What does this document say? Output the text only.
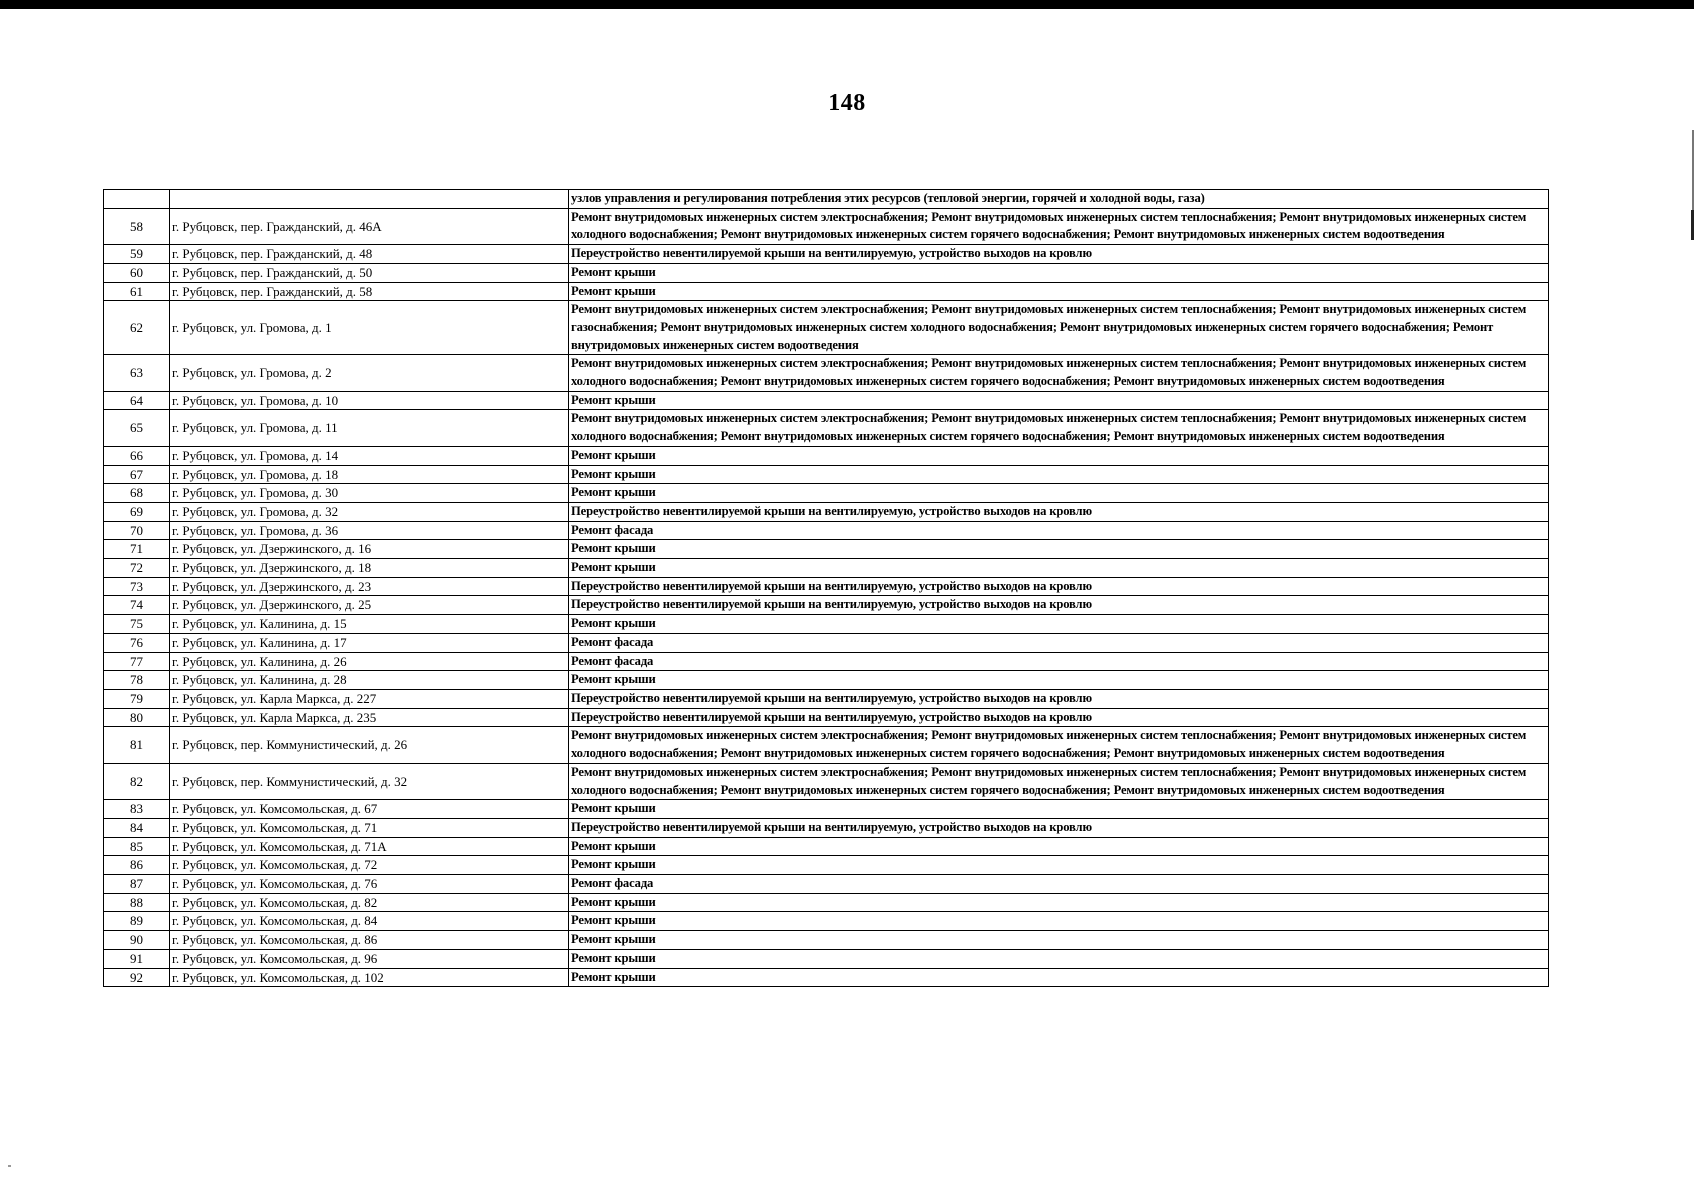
148
		узлов управления и регулирования потребления этих ресурсов (тепловой энергии, горячей и холодной воды, газа)
58	г. Рубцовск, пер. Гражданский, д. 46А	Ремонт внутридомовых инженерных систем электроснабжения; Ремонт внутридомовых инженерных систем теплоснабжения; Ремонт внутридомовых инженерных систем холодного водоснабжения; Ремонт внутридомовых инженерных систем горячего водоснабжения; Ремонт внутридомовых инженерных систем водоотведения
59	г. Рубцовск, пер. Гражданский, д. 48	Переустройство невентилируемой крыши на вентилируемую, устройство выходов на кровлю
60	г. Рубцовск, пер. Гражданский, д. 50	Ремонт крыши
61	г. Рубцовск, пер. Гражданский, д. 58	Ремонт крыши
62	г. Рубцовск, ул. Громова, д. 1	Ремонт внутридомовых инженерных систем электроснабжения; Ремонт внутридомовых инженерных систем теплоснабжения; Ремонт внутридомовых инженерных систем газоснабжения; Ремонт внутридомовых инженерных систем холодного водоснабжения; Ремонт внутридомовых инженерных систем горячего водоснабжения; Ремонт внутридомовых инженерных систем водоотведения
63	г. Рубцовск, ул. Громова, д. 2	Ремонт внутридомовых инженерных систем электроснабжения; Ремонт внутридомовых инженерных систем теплоснабжения; Ремонт внутридомовых инженерных систем холодного водоснабжения; Ремонт внутридомовых инженерных систем горячего водоснабжения; Ремонт внутридомовых инженерных систем водоотведения
64	г. Рубцовск, ул. Громова, д. 10	Ремонт крыши
65	г. Рубцовск, ул. Громова, д. 11	Ремонт внутридомовых инженерных систем электроснабжения; Ремонт внутридомовых инженерных систем теплоснабжения; Ремонт внутридомовых инженерных систем холодного водоснабжения; Ремонт внутридомовых инженерных систем горячего водоснабжения; Ремонт внутридомовых инженерных систем водоотведения
66	г. Рубцовск, ул. Громова, д. 14	Ремонт крыши
67	г. Рубцовск, ул. Громова, д. 18	Ремонт крыши
68	г. Рубцовск, ул. Громова, д. 30	Ремонт крыши
69	г. Рубцовск, ул. Громова, д. 32	Переустройство невентилируемой крыши на вентилируемую, устройство выходов на кровлю
70	г. Рубцовск, ул. Громова, д. 36	Ремонт фасада
71	г. Рубцовск, ул. Дзержинского, д. 16	Ремонт крыши
72	г. Рубцовск, ул. Дзержинского, д. 18	Ремонт крыши
73	г. Рубцовск, ул. Дзержинского, д. 23	Переустройство невентилируемой крыши на вентилируемую, устройство выходов на кровлю
74	г. Рубцовск, ул. Дзержинского, д. 25	Переустройство невентилируемой крыши на вентилируемую, устройство выходов на кровлю
75	г. Рубцовск, ул. Калинина, д. 15	Ремонт крыши
76	г. Рубцовск, ул. Калинина, д. 17	Ремонт фасада
77	г. Рубцовск, ул. Калинина, д. 26	Ремонт фасада
78	г. Рубцовск, ул. Калинина, д. 28	Ремонт крыши
79	г. Рубцовск, ул. Карла Маркса, д. 227	Переустройство невентилируемой крыши на вентилируемую, устройство выходов на кровлю
80	г. Рубцовск, ул. Карла Маркса, д. 235	Переустройство невентилируемой крыши на вентилируемую, устройство выходов на кровлю
81	г. Рубцовск, пер. Коммунистический, д. 26	Ремонт внутридомовых инженерных систем электроснабжения; Ремонт внутридомовых инженерных систем теплоснабжения; Ремонт внутридомовых инженерных систем холодного водоснабжения; Ремонт внутридомовых инженерных систем горячего водоснабжения; Ремонт внутридомовых инженерных систем водоотведения
82	г. Рубцовск, пер. Коммунистический, д. 32	Ремонт внутридомовых инженерных систем электроснабжения; Ремонт внутридомовых инженерных систем теплоснабжения; Ремонт внутридомовых инженерных систем холодного водоснабжения; Ремонт внутридомовых инженерных систем горячего водоснабжения; Ремонт внутридомовых инженерных систем водоотведения
83	г. Рубцовск, ул. Комсомольская, д. 67	Ремонт крыши
84	г. Рубцовск, ул. Комсомольская, д. 71	Переустройство невентилируемой крыши на вентилируемую, устройство выходов на кровлю
85	г. Рубцовск, ул. Комсомольская, д. 71А	Ремонт крыши
86	г. Рубцовск, ул. Комсомольская, д. 72	Ремонт крыши
87	г. Рубцовск, ул. Комсомольская, д. 76	Ремонт фасада
88	г. Рубцовск, ул. Комсомольская, д. 82	Ремонт крыши
89	г. Рубцовск, ул. Комсомольская, д. 84	Ремонт крыши
90	г. Рубцовск, ул. Комсомольская, д. 86	Ремонт крыши
91	г. Рубцовск, ул. Комсомольская, д. 96	Ремонт крыши
92	г. Рубцовск, ул. Комсомольская, д. 102	Ремонт крыши
